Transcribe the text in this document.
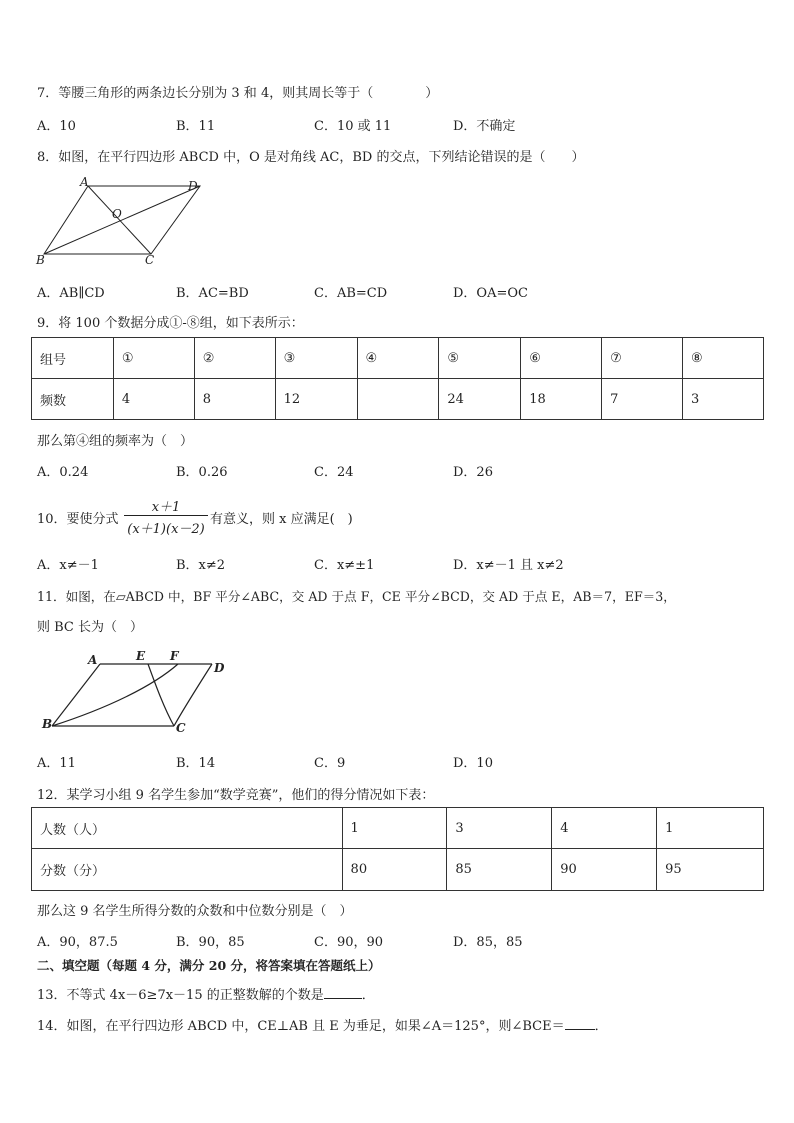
7．等腰三角形的两条边长分别为 3 和 4，则其周长等于（　　　　）
A．10	B．11	C．10 或 11	D．不确定
8．如图，在平行四边形 ABCD 中，O 是对角线 AC，BD 的交点，下列结论错误的是（　　）
A	D
O
B	C
A．AB∥CD	B．AC=BD	C．AB=CD	D．OA=OC
9．将 100 个数据分成①-⑧组，如下表所示：
组号	①	②	③	④	⑤	⑥	⑦	⑧
频数	4	8	12		24	18	7	3
那么第④组的频率为（　）
A．0.24	B．0.26	C．24	D．26
10．要使分式
x＋1
(x＋1)(x－2)
有意义，则 x 应满足(　)
A．x≠－1	B．x≠2	C．x≠±1	D．x≠－1 且 x≠2
11．如图，在▱ABCD 中，BF 平分∠ABC，交 AD 于点 F，CE 平分∠BCD，交 AD 于点 E，AB＝7，EF＝3，
则 BC 长为（　）
A	E F
D
B	C
A．11	B．14	C．9	D．10
12．某学习小组 9 名学生参加“数学竞赛”，他们的得分情况如下表：
人数（人）	1	3	4	1
分数（分）	80	85	90	95
那么这 9 名学生所得分数的众数和中位数分别是（　）
A．90，87.5	B．90，85	C．90，90	D．85，85
二、填空题（每题 4 分，满分 20 分，将答案填在答题纸上）
13．不等式 4x－6≥7x－15 的正整数解的个数是	．
14．如图，在平行四边形 ABCD 中，CE⊥AB 且 E 为垂足，如果∠A＝125°，则∠BCE＝ ．
